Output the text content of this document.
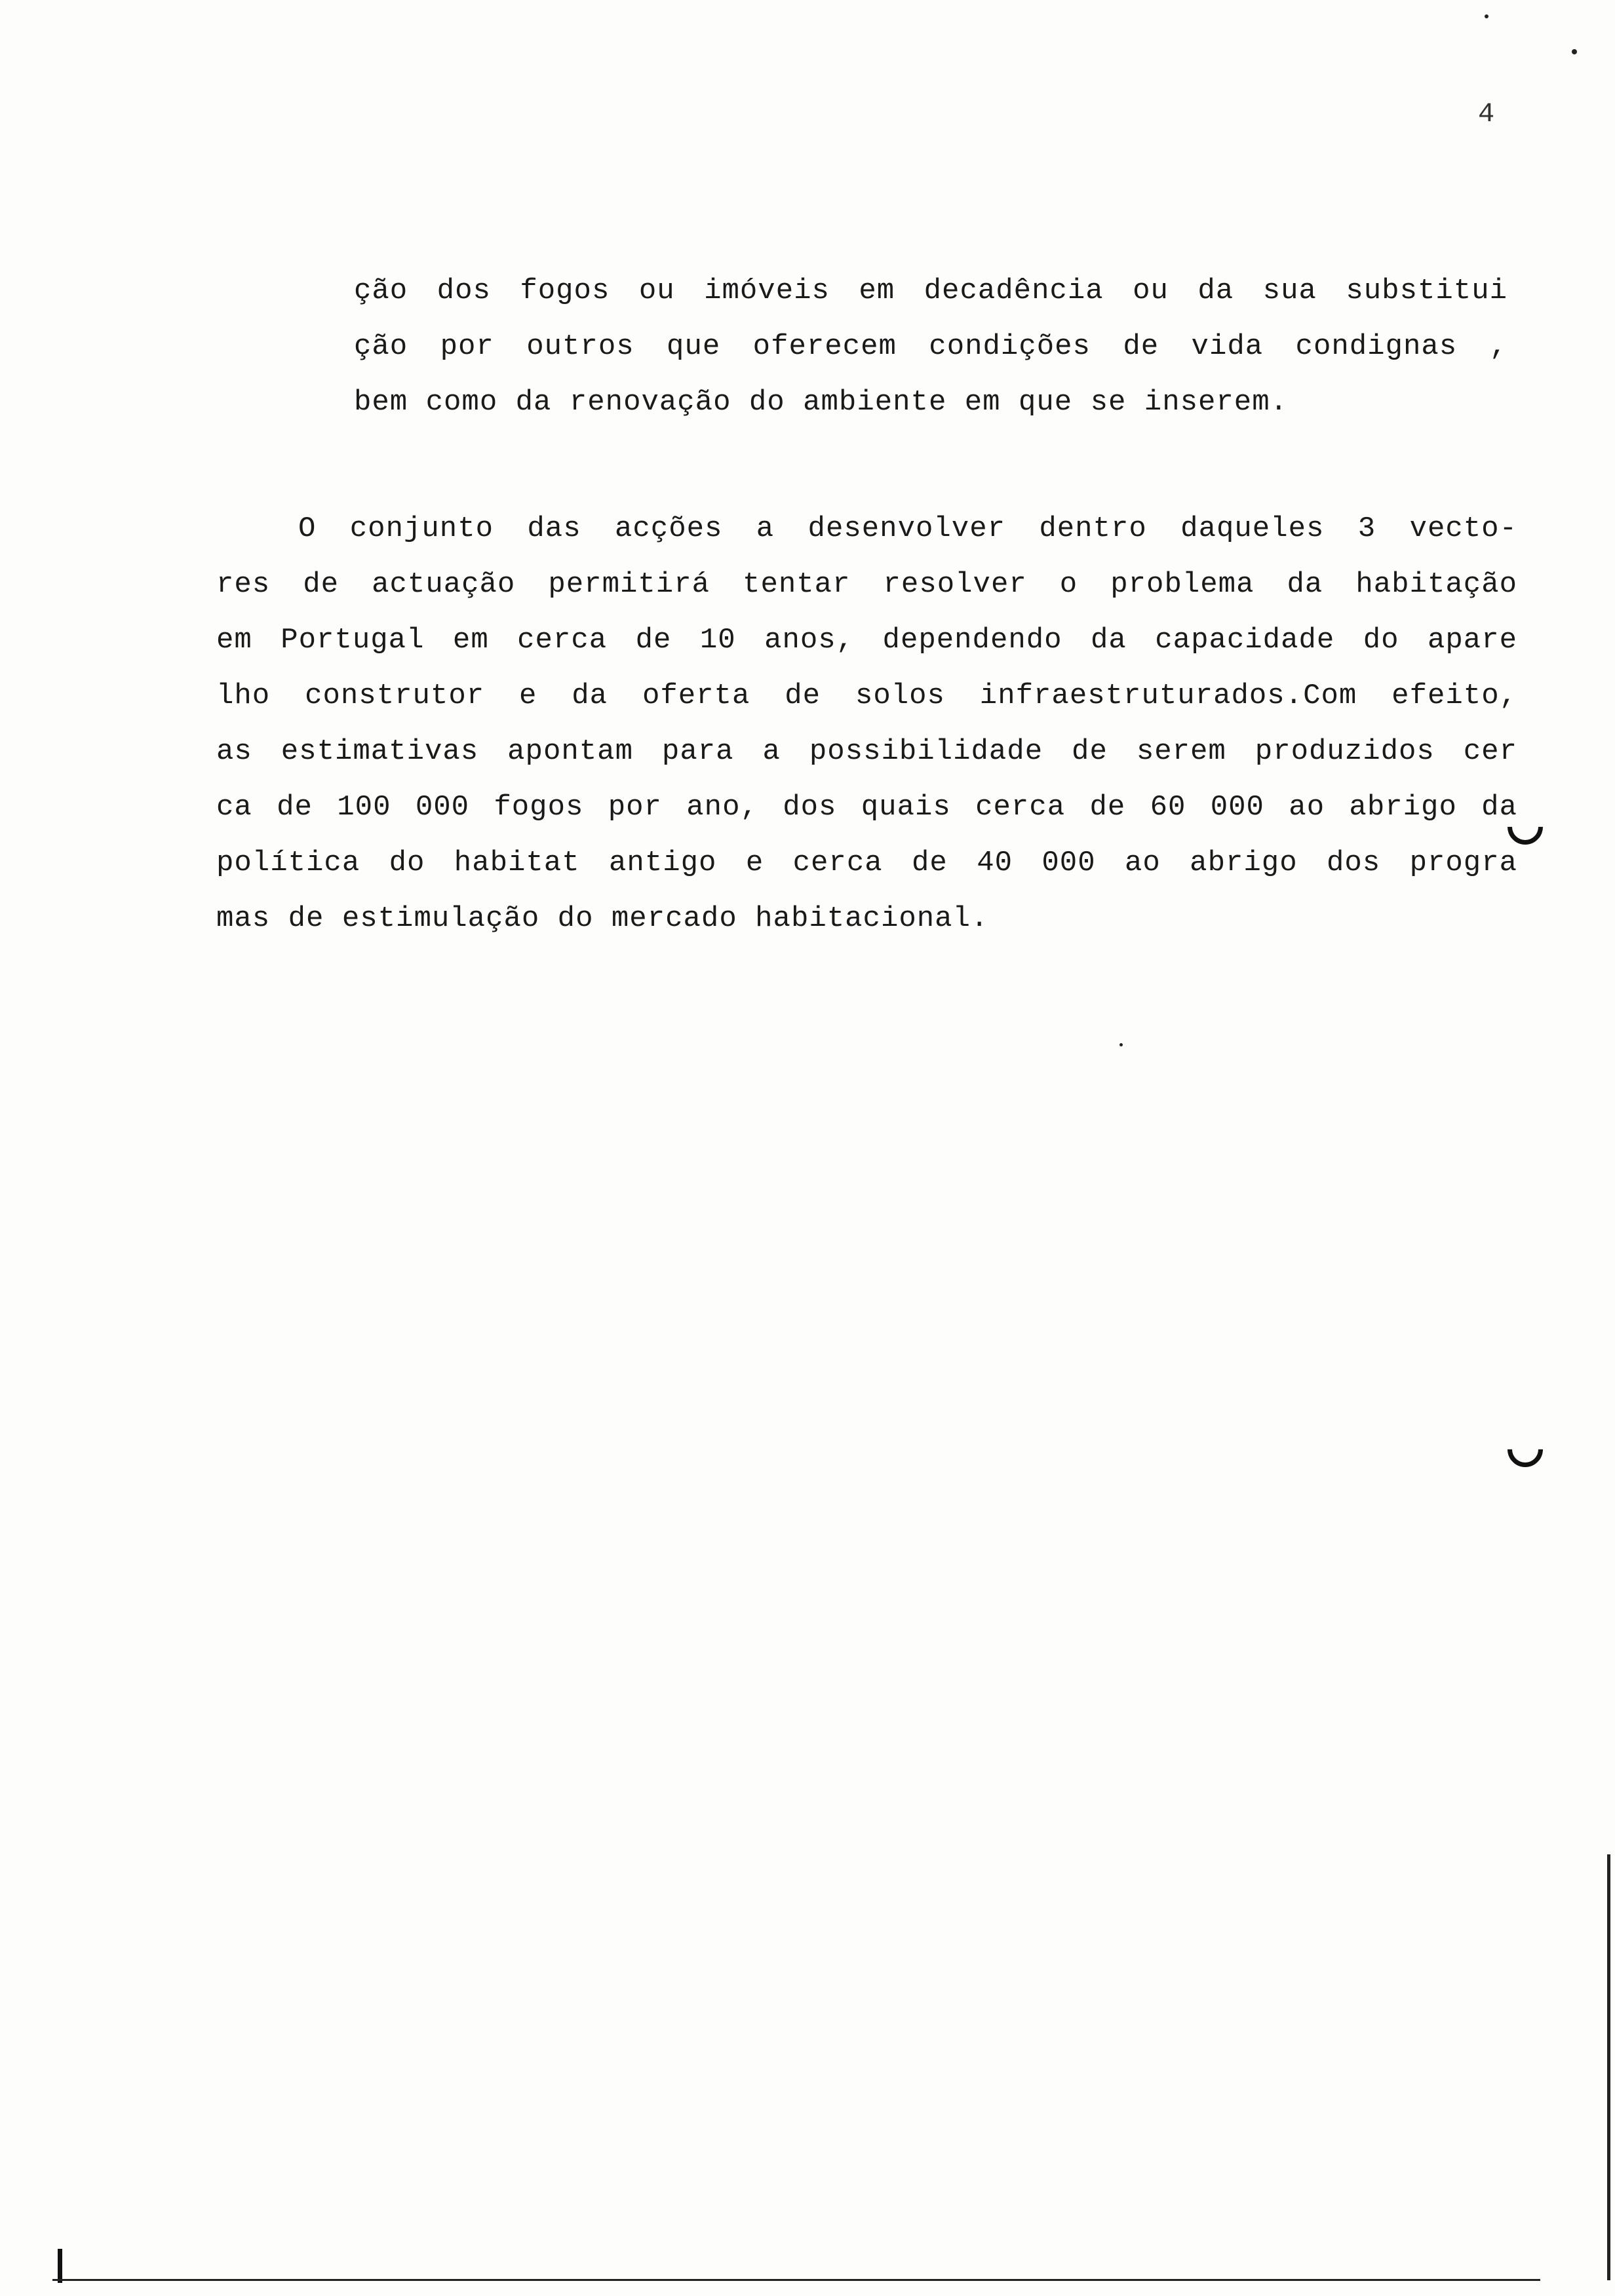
4
ção dos fogos ou imóveis em decadência ou da sua substitui
ção por outros que oferecem condições de vida condignas ,
bem como da renovação do ambiente em que se inserem.
O conjunto das acções a desenvolver dentro daqueles 3 vecto-
res de actuação permitirá tentar resolver o problema da habitação
em Portugal em cerca de 10 anos, dependendo da capacidade do apare
lho construtor e da oferta de solos infraestruturados.Com efeito,
as estimativas apontam para a possibilidade de serem produzidos cer
ca de 100 000 fogos por ano, dos quais cerca de 60 000 ao abrigo da
política do habitat antigo e cerca de 40 000 ao abrigo dos progra
mas de estimulação do mercado habitacional.
